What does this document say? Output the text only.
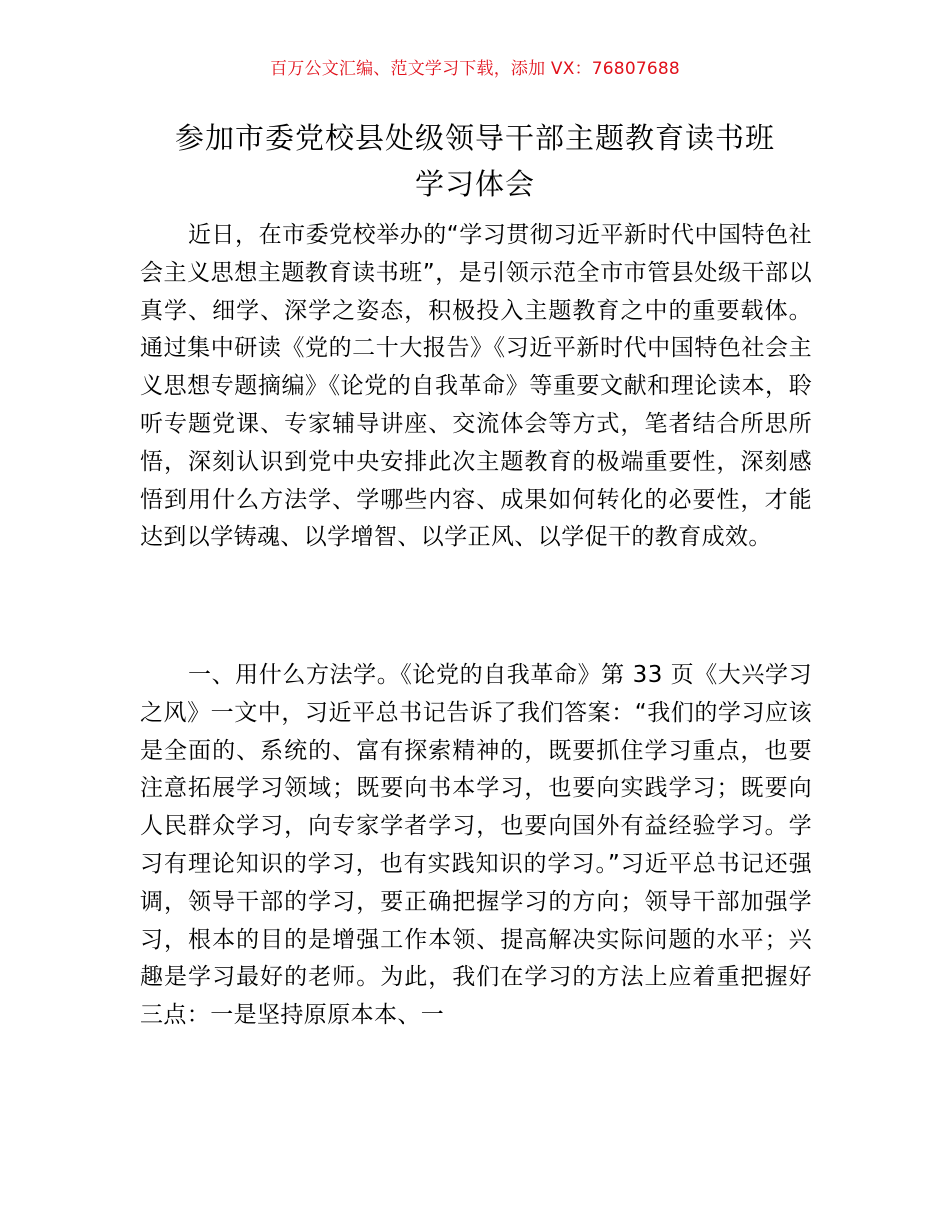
百万公文汇编、范文学习下载，添加 VX：76807688
参加市委党校县处级领导干部主题教育读书班
学习体会

近日，在市委党校举办的“学习贯彻习近平新时代中国特色社会主义思想主题教育读书班”，是引领示范全市市管县处级干部以真学、细学、深学之姿态，积极投入主题教育之中的重要载体。通过集中研读《党的二十大报告》《习近平新时代中国特色社会主义思想专题摘编》《论党的自我革命》等重要文献和理论读本，聆听专题党课、专家辅导讲座、交流体会等方式，笔者结合所思所悟，深刻认识到党中央安排此次主题教育的极端重要性，深刻感悟到用什么方法学、学哪些内容、成果如何转化的必要性，才能达到以学铸魂、以学增智、以学正风、以学促干的教育成效。

一、用什么方法学。《论党的自我革命》第 33 页《大兴学习之风》一文中，习近平总书记告诉了我们答案：“我们的学习应该是全面的、系统的、富有探索精神的，既要抓住学习重点，也要注意拓展学习领域；既要向书本学习，也要向实践学习；既要向人民群众学习，向专家学者学习，也要向国外有益经验学习。学习有理论知识的学习，也有实践知识的学习。”习近平总书记还强调，领导干部的学习，要正确把握学习的方向；领导干部加强学习，根本的目的是增强工作本领、提高解决实际问题的水平；兴趣是学习最好的老师。为此，我们在学习的方法上应着重把握好三点：一是坚持原原本本、一
